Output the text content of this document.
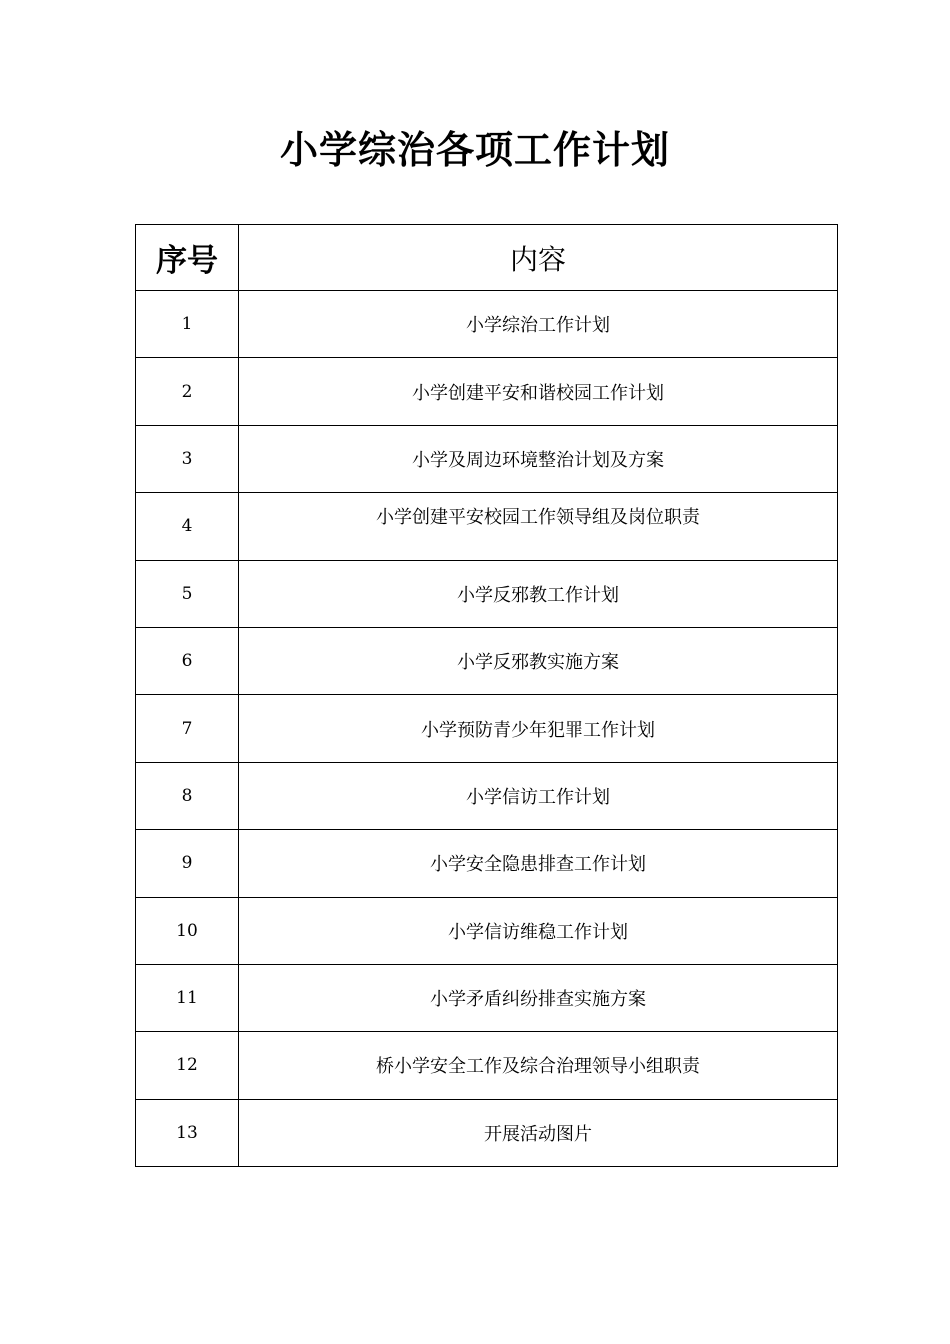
小学综治各项工作计划
序号	内容
1	小学综治工作计划
2	小学创建平安和谐校园工作计划
3	小学及周边环境整治计划及方案
4	小学创建平安校园工作领导组及岗位职责
5	小学反邪教工作计划
6	小学反邪教实施方案
7	小学预防青少年犯罪工作计划
8	小学信访工作计划
9	小学安全隐患排查工作计划
10	小学信访维稳工作计划
11	小学矛盾纠纷排查实施方案
12	桥小学安全工作及综合治理领导小组职责
13	开展活动图片
